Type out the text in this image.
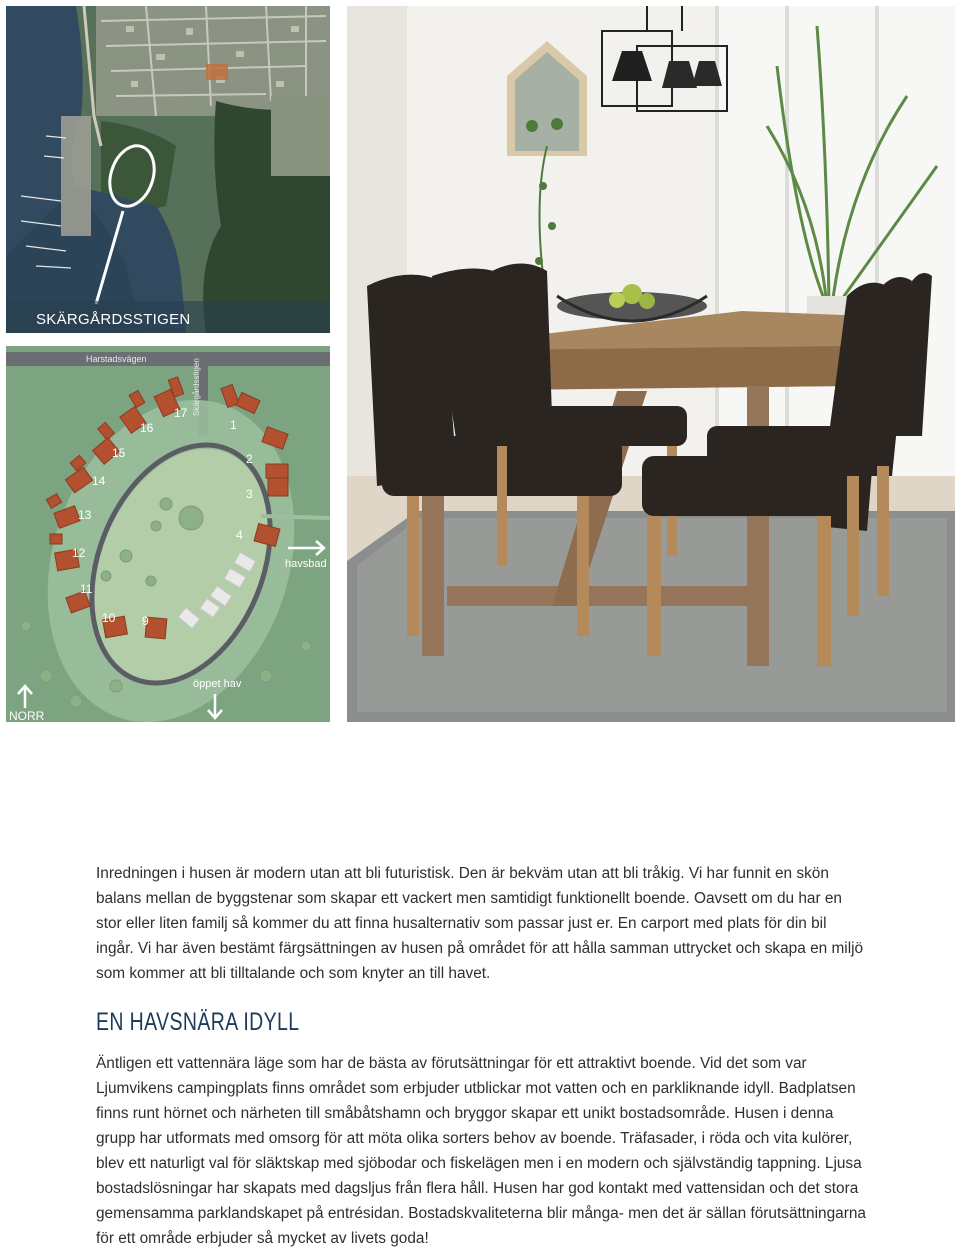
SKÄRGÅRDSSTIGEN
Harstadsvägen	Skärgårdsstigen
1
2
3
4
9
10
11
12
13
14
15
16
17
havsbad
öppet hav
NORR

Inredningen i husen är modern utan att bli futuristisk. Den är bekväm utan att bli tråkig. Vi har funnit en skön balans mellan de byggstenar som skapar ett vackert men samtidigt funktionellt boende. Oavsett om du har en stor eller liten familj så kommer du att finna husalternativ som passar just er. En carport med plats för din bil ingår. Vi har även bestämt färgsättningen av husen på området för att hålla samman uttrycket och skapa en miljö som kommer att bli tilltalande och som knyter an till havet.

EN HAVSNÄRA IDYLL

Äntligen ett vattennära läge som har de bästa av förutsättningar för ett attraktivt boende. Vid det som var Ljumvikens campingplats finns området som erbjuder utblickar mot vatten och en parkliknande idyll. Badplatsen finns runt hörnet och närheten till småbåtshamn och bryggor skapar ett unikt bostadsområde. Husen i denna grupp har utformats med omsorg för att möta olika sorters behov av boende. Träfasader, i röda och vita kulörer, blev ett naturligt val för släktskap med sjöbodar och fiskelägen men i en modern och självständig tappning. Ljusa bostadslösningar har skapats med dagsljus från flera håll. Husen har god kontakt med vattensidan och det stora gemensamma parklandskapet på entrésidan. Bostadskvaliteterna blir många- men det är sällan förutsättningarna för ett område erbjuder så mycket av livets goda!
